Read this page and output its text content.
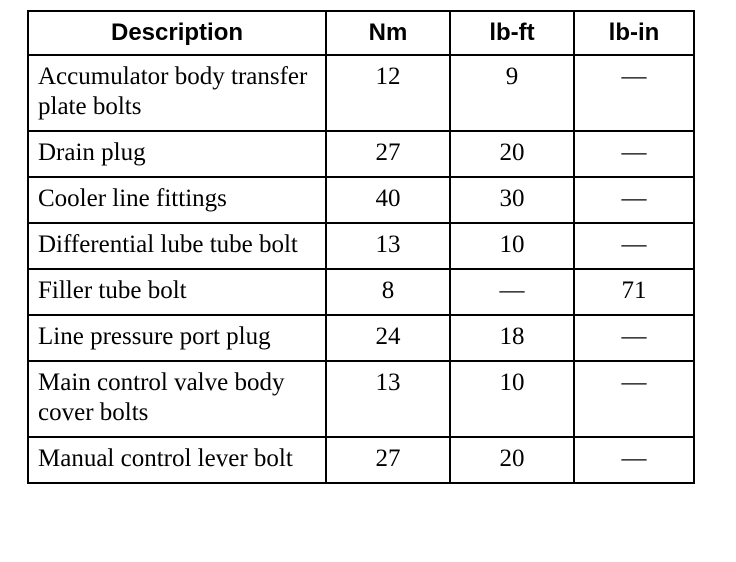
Description	Nm	lb-ft	lb-in
Accumulator body transfer plate bolts	12	9	—
Drain plug	27	20	—
Cooler line fittings	40	30	—
Differential lube tube bolt	13	10	—
Filler tube bolt	8	—	71
Line pressure port plug	24	18	—
Main control valve body cover bolts	13	10	—
Manual control lever bolt	27	20	—
